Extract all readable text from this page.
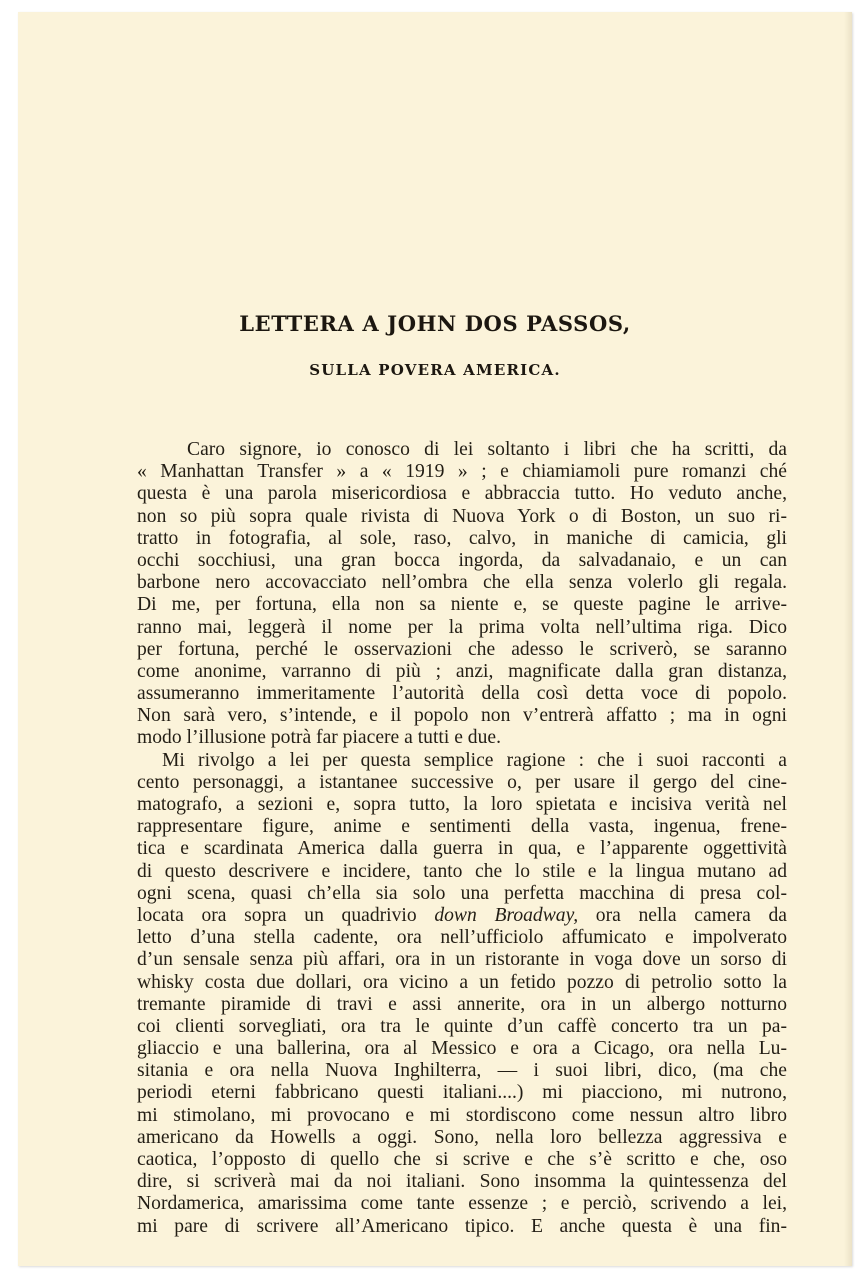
LETTERA A JOHN DOS PASSOS,
SULLA POVERA AMERICA.
Caro signore, io conosco di lei soltanto i libri che ha scritti, da
« Manhattan Transfer » a « 1919 » ; e chiamiamoli pure romanzi ché
questa è una parola misericordiosa e abbraccia tutto. Ho veduto anche,
non so più sopra quale rivista di Nuova York o di Boston, un suo ri-
tratto in fotografia, al sole, raso, calvo, in maniche di camicia, gli
occhi socchiusi, una gran bocca ingorda, da salvadanaio, e un can
barbone nero accovacciato nell’ombra che ella senza volerlo gli regala.
Di me, per fortuna, ella non sa niente e, se queste pagine le arrive-
ranno mai, leggerà il nome per la prima volta nell’ultima riga. Dico
per fortuna, perché le osservazioni che adesso le scriverò, se saranno
come anonime, varranno di più ; anzi, magnificate dalla gran distanza,
assumeranno immeritamente l’autorità della così detta voce di popolo.
Non sarà vero, s’intende, e il popolo non v’entrerà affatto ; ma in ogni
modo l’illusione potrà far piacere a tutti e due.
Mi rivolgo a lei per questa semplice ragione : che i suoi racconti a
cento personaggi, a istantanee successive o, per usare il gergo del cine-
matografo, a sezioni e, sopra tutto, la loro spietata e incisiva verità nel
rappresentare figure, anime e sentimenti della vasta, ingenua, frene-
tica e scardinata America dalla guerra in qua, e l’apparente oggettività
di questo descrivere e incidere, tanto che lo stile e la lingua mutano ad
ogni scena, quasi ch’ella sia solo una perfetta macchina di presa col-
locata ora sopra un quadrivio down Broadway, ora nella camera da
letto d’una stella cadente, ora nell’ufficiolo affumicato e impolverato
d’un sensale senza più affari, ora in un ristorante in voga dove un sorso di
whisky costa due dollari, ora vicino a un fetido pozzo di petrolio sotto la
tremante piramide di travi e assi annerite, ora in un albergo notturno
coi clienti sorvegliati, ora tra le quinte d’un caffè concerto tra un pa-
gliaccio e una ballerina, ora al Messico e ora a Cicago, ora nella Lu-
sitania e ora nella Nuova Inghilterra, — i suoi libri, dico, (ma che
periodi eterni fabbricano questi italiani....) mi piacciono, mi nutrono,
mi stimolano, mi provocano e mi stordiscono come nessun altro libro
americano da Howells a oggi. Sono, nella loro bellezza aggressiva e
caotica, l’opposto di quello che si scrive e che s’è scritto e che, oso
dire, si scriverà mai da noi italiani. Sono insomma la quintessenza del
Nordamerica, amarissima come tante essenze ; e perciò, scrivendo a lei,
mi pare di scrivere all’Americano tipico. E anche questa è una fin-
